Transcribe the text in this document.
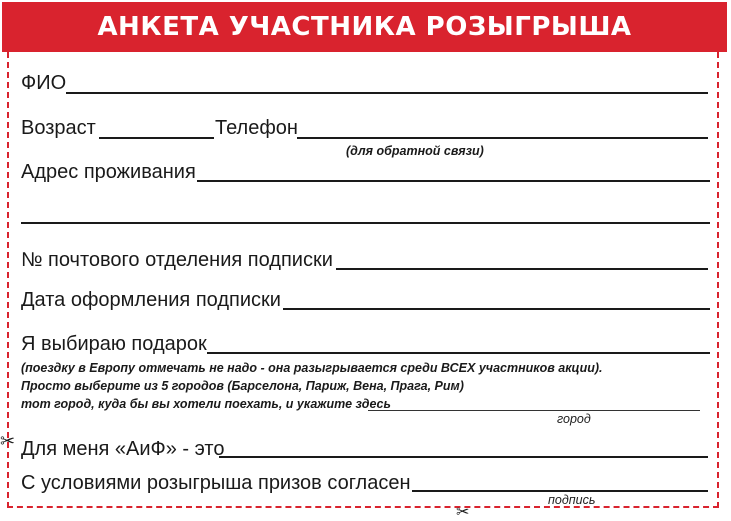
АНКЕТА УЧАСТНИКА РОЗЫГРЫША
ФИО
Возраст	Телефон
(для обратной связи)
Адрес проживания
№ почтового отделения подписки
Дата оформления подписки
Я выбираю подарок
(поездку в Европу отмечать не надо - она разыгрывается среди ВСЕХ участников акции).
Просто выберите из 5 городов (Барселона, Париж, Вена, Прага, Рим)
тот город, куда бы вы хотели поехать, и укажите здесь
город
✂ Для меня «АиФ» - это
С условиями розыгрыша призов согласен
подпись
✂
